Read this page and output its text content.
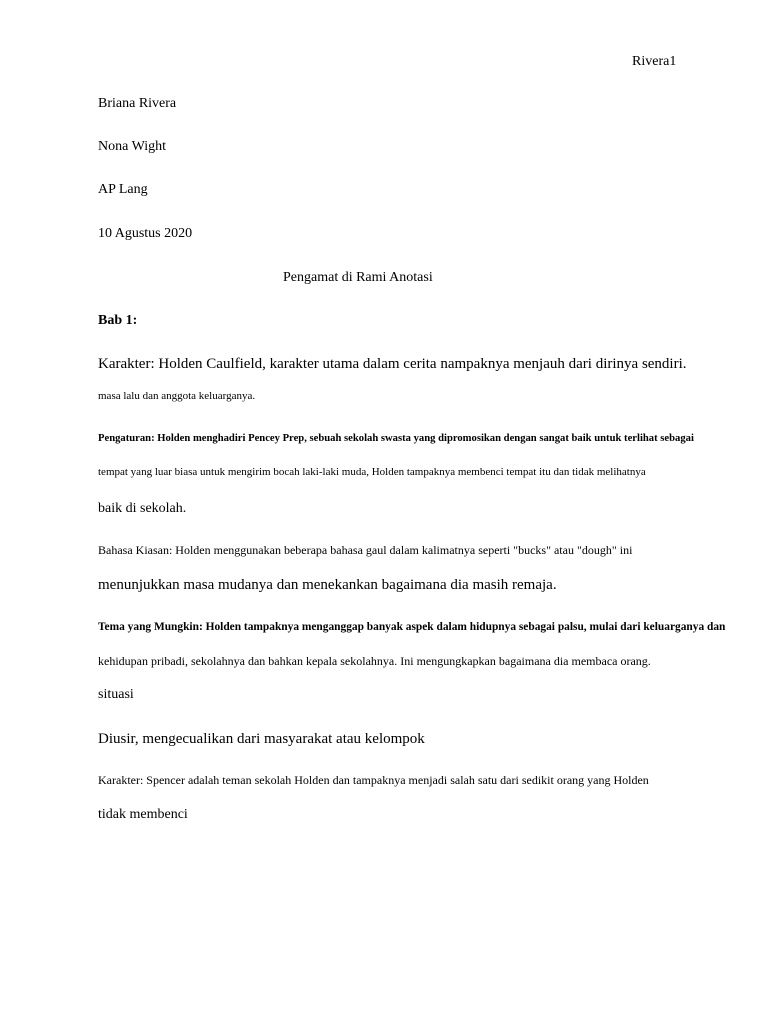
Rivera1
Briana Rivera
Nona Wight
AP Lang
10 Agustus 2020
Pengamat di Rami Anotasi
Bab 1:
Karakter: Holden Caulfield, karakter utama dalam cerita nampaknya menjauh dari dirinya sendiri.
masa lalu dan anggota keluarganya.
Pengaturan: Holden menghadiri Pencey Prep, sebuah sekolah swasta yang dipromosikan dengan sangat baik untuk terlihat sebagai
tempat yang luar biasa untuk mengirim bocah laki-laki muda, Holden tampaknya membenci tempat itu dan tidak melihatnya
baik di sekolah.
Bahasa Kiasan: Holden menggunakan beberapa bahasa gaul dalam kalimatnya seperti "bucks" atau "dough" ini
menunjukkan masa mudanya dan menekankan bagaimana dia masih remaja.
Tema yang Mungkin: Holden tampaknya menganggap banyak aspek dalam hidupnya sebagai palsu, mulai dari keluarganya dan
kehidupan pribadi, sekolahnya dan bahkan kepala sekolahnya. Ini mengungkapkan bagaimana dia membaca orang.
situasi
Diusir, mengecualikan dari masyarakat atau kelompok
Karakter: Spencer adalah teman sekolah Holden dan tampaknya menjadi salah satu dari sedikit orang yang Holden
tidak membenci
